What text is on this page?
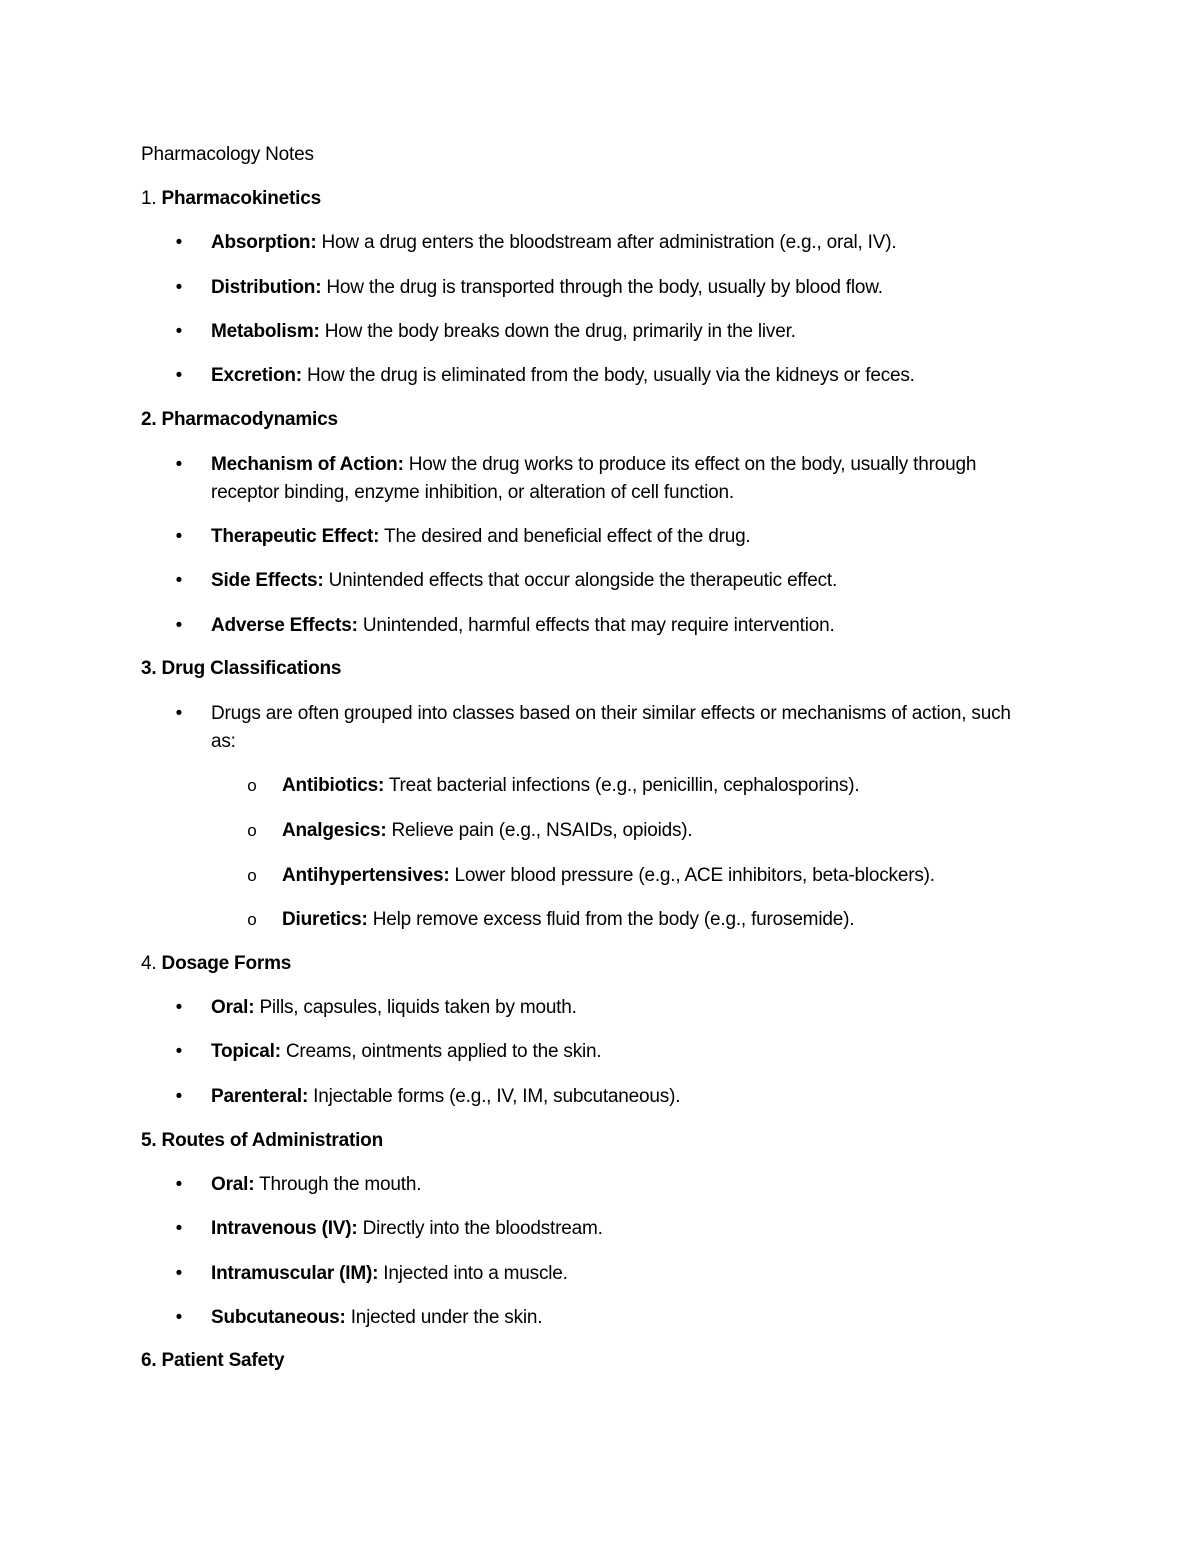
Pharmacology Notes
1. Pharmacokinetics
• Absorption: How a drug enters the bloodstream after administration (e.g., oral, IV).
• Distribution: How the drug is transported through the body, usually by blood flow.
• Metabolism: How the body breaks down the drug, primarily in the liver.
• Excretion: How the drug is eliminated from the body, usually via the kidneys or feces.
2. Pharmacodynamics
• Mechanism of Action: How the drug works to produce its effect on the body, usually through
receptor binding, enzyme inhibition, or alteration of cell function.
• Therapeutic Effect: The desired and beneficial effect of the drug.
• Side Effects: Unintended effects that occur alongside the therapeutic effect.
• Adverse Effects: Unintended, harmful effects that may require intervention.
3. Drug Classifications
• Drugs are often grouped into classes based on their similar effects or mechanisms of action, such
as:
o Antibiotics: Treat bacterial infections (e.g., penicillin, cephalosporins).
o Analgesics: Relieve pain (e.g., NSAIDs, opioids).
o Antihypertensives: Lower blood pressure (e.g., ACE inhibitors, beta-blockers).
o Diuretics: Help remove excess fluid from the body (e.g., furosemide).
4. Dosage Forms
• Oral: Pills, capsules, liquids taken by mouth.
• Topical: Creams, ointments applied to the skin.
• Parenteral: Injectable forms (e.g., IV, IM, subcutaneous).
5. Routes of Administration
• Oral: Through the mouth.
• Intravenous (IV): Directly into the bloodstream.
• Intramuscular (IM): Injected into a muscle.
• Subcutaneous: Injected under the skin.
6. Patient Safety
